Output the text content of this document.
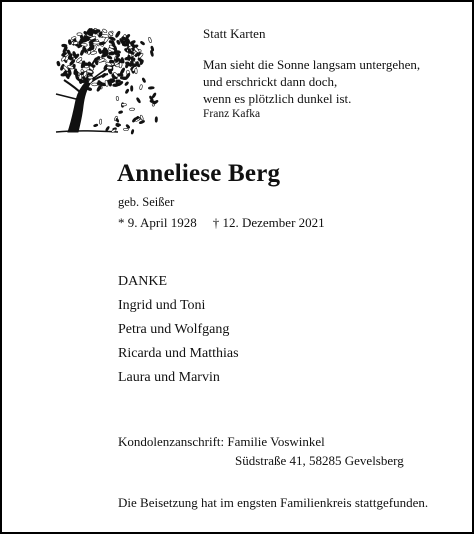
Statt Karten
Man sieht die Sonne langsam untergehen,
und erschrickt dann doch,
wenn es plötzlich dunkel ist.
Franz Kafka
Anneliese Berg
geb. Seißer
* 9. April 1928 † 12. Dezember 2021
DANKE
Ingrid und Toni
Petra und Wolfgang
Ricarda und Matthias
Laura und Marvin
Kondolenzanschrift: Familie Voswinkel
Südstraße 41, 58285 Gevelsberg
Die Beisetzung hat im engsten Familienkreis stattgefunden.
